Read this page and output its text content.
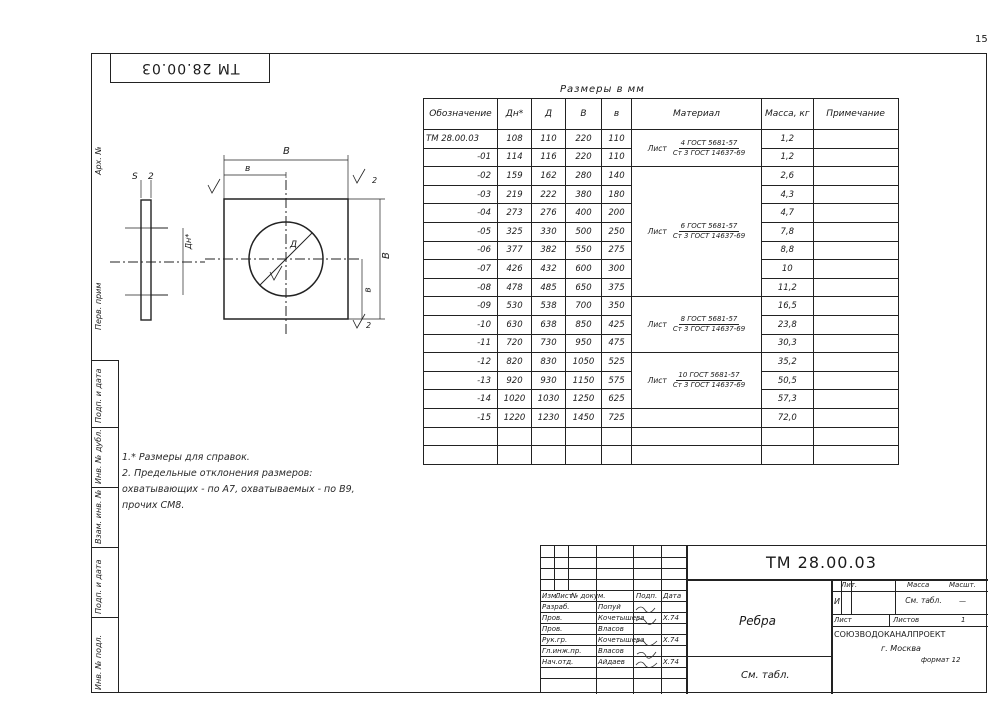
15
ТМ 28.00.03
Арх. №
Перв. прим
Подп. и дата
Инв. № дубл.
Взам. инв. №
Подп. и дата
Инв. № подл.
В
в
В
в
Д
Дн*
S 2	2
2
Размеры в мм
Обозначение	Дн*	Д	В	в	Материал	Масса, кг	Примечание
ТМ 28.00.03	108	110	220	110	Лист $\frac{\text{4 ГОСТ 5681-57}}{\text{Ст 3 ГОСТ 14637-69}}$	1,2	
-01	114	116	220	110		1,2	
-02	159	162	280	140	Лист $\frac{\text{6 ГОСТ 5681-57}}{\text{Ст 3 ГОСТ 14637-69}}$	2,6	
-03	219	222	380	180		4,3	
-04	273	276	400	200		4,7	
-05	325	330	500	250		7,8	
-06	377	382	550	275		8,8	
-07	426	432	600	300		10	
-08	478	485	650	375		11,2	
-09	530	538	700	350	Лист $\frac{\text{8 ГОСТ 5681-57}}{\text{Ст 3 ГОСТ 14637-69}}$	16,5	
-10	630	638	850	425		23,8	
-11	720	730	950	475		30,3	
-12	820	830	1050	525	Лист $\frac{\text{10 ГОСТ 5681-57}}{\text{Ст 3 ГОСТ 14637-69}}$	35,2	
-13	920	930	1150	575		50,5	
-14	1020	1030	1250	625		57,3	
-15	1220	1230	1450	725		72,0	

1.* Размеры для справок.
2. Предельные отклонения размеров:
охватывающих - по А7, охватываемых - по В9,
прочих СМ8.
ТМ 28.00.03
Ребра
См. табл.
Изм.
Лист
№ докум.	Подп. Дата
Разраб.	Попуй
Пров.	Кочетышева	X.74
Пров.	Власов
Рук.гр.	Кочетышева	X.74
Гл.инж.пр. Власов
Нач.отд.	Айдаев	X.74
Лит.	Масса	Масшт.
И	См. табл.	—
Лист	Листов	1
СОЮЗВОДОКАНАЛПРОЕКТ
г. Москва
формат 12
